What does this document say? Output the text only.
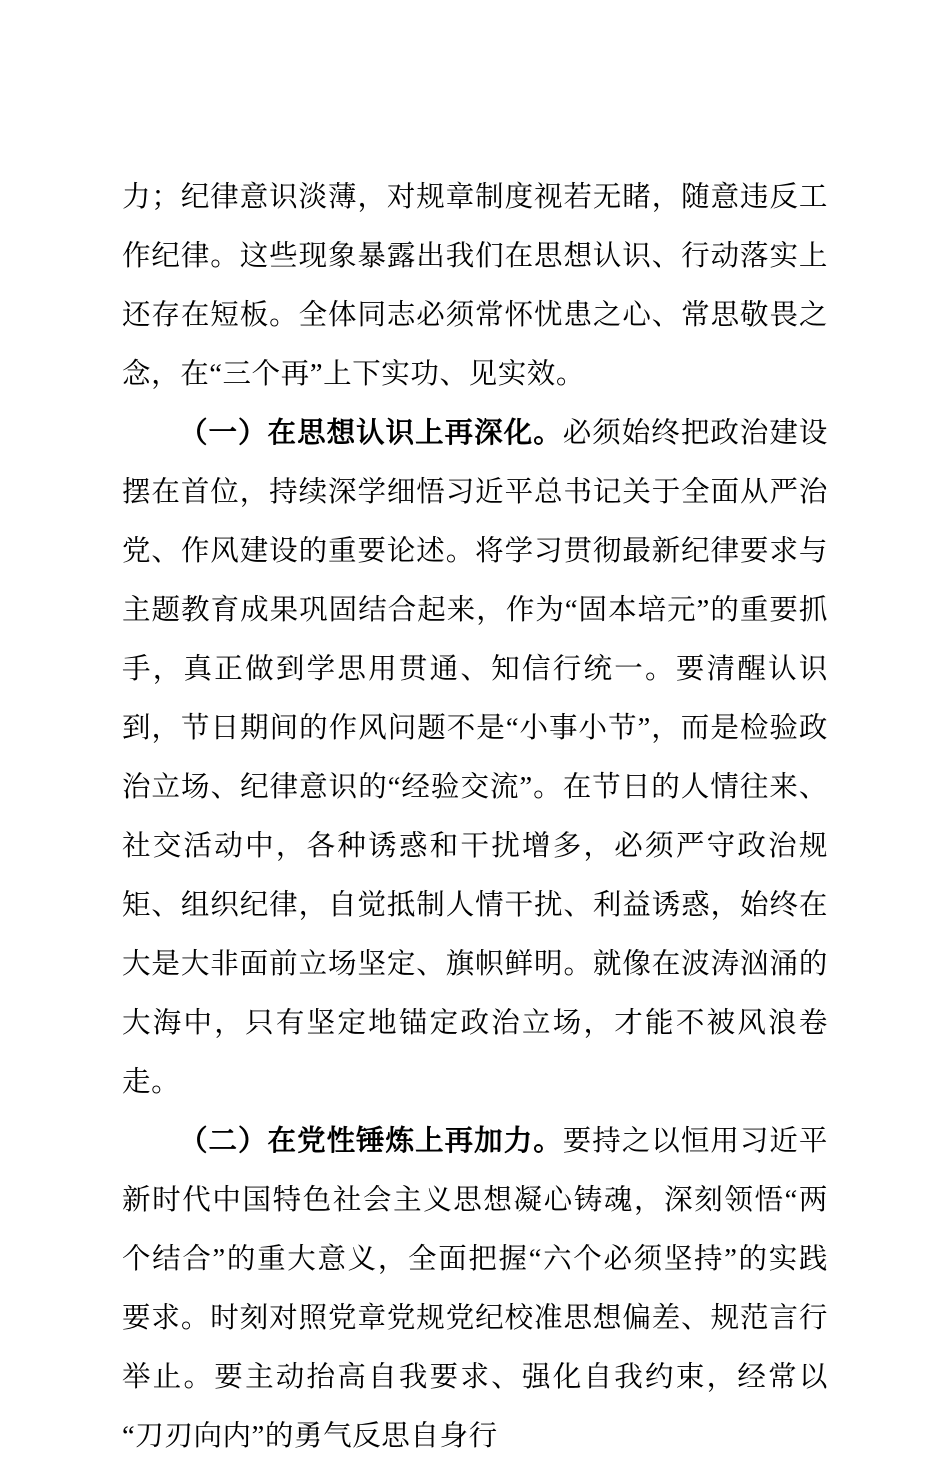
力；纪律意识淡薄，对规章制度视若无睹，随意违反工作纪律。这些现象暴露出我们在思想认识、行动落实上还存在短板。全体同志必须常怀忧患之心、常思敬畏之念，在“三个再”上下实功、见实效。

（一）在思想认识上再深化。必须始终把政治建设摆在首位，持续深学细悟习近平总书记关于全面从严治党、作风建设的重要论述。将学习贯彻最新纪律要求与主题教育成果巩固结合起来，作为“固本培元”的重要抓手，真正做到学思用贯通、知信行统一。要清醒认识到，节日期间的作风问题不是“小事小节”，而是检验政治立场、纪律意识的“经验交流”。在节日的人情往来、社交活动中，各种诱惑和干扰增多，必须严守政治规矩、组织纪律，自觉抵制人情干扰、利益诱惑，始终在大是大非面前立场坚定、旗帜鲜明。就像在波涛汹涌的大海中，只有坚定地锚定政治立场，才能不被风浪卷走。

（二）在党性锤炼上再加力。要持之以恒用习近平新时代中国特色社会主义思想凝心铸魂，深刻领悟“两个结合”的重大意义，全面把握“六个必须坚持”的实践要求。时刻对照党章党规党纪校准思想偏差、规范言行举止。要主动抬高自我要求、强化自我约束，经常以“刀刃向内”的勇气反思自身行
